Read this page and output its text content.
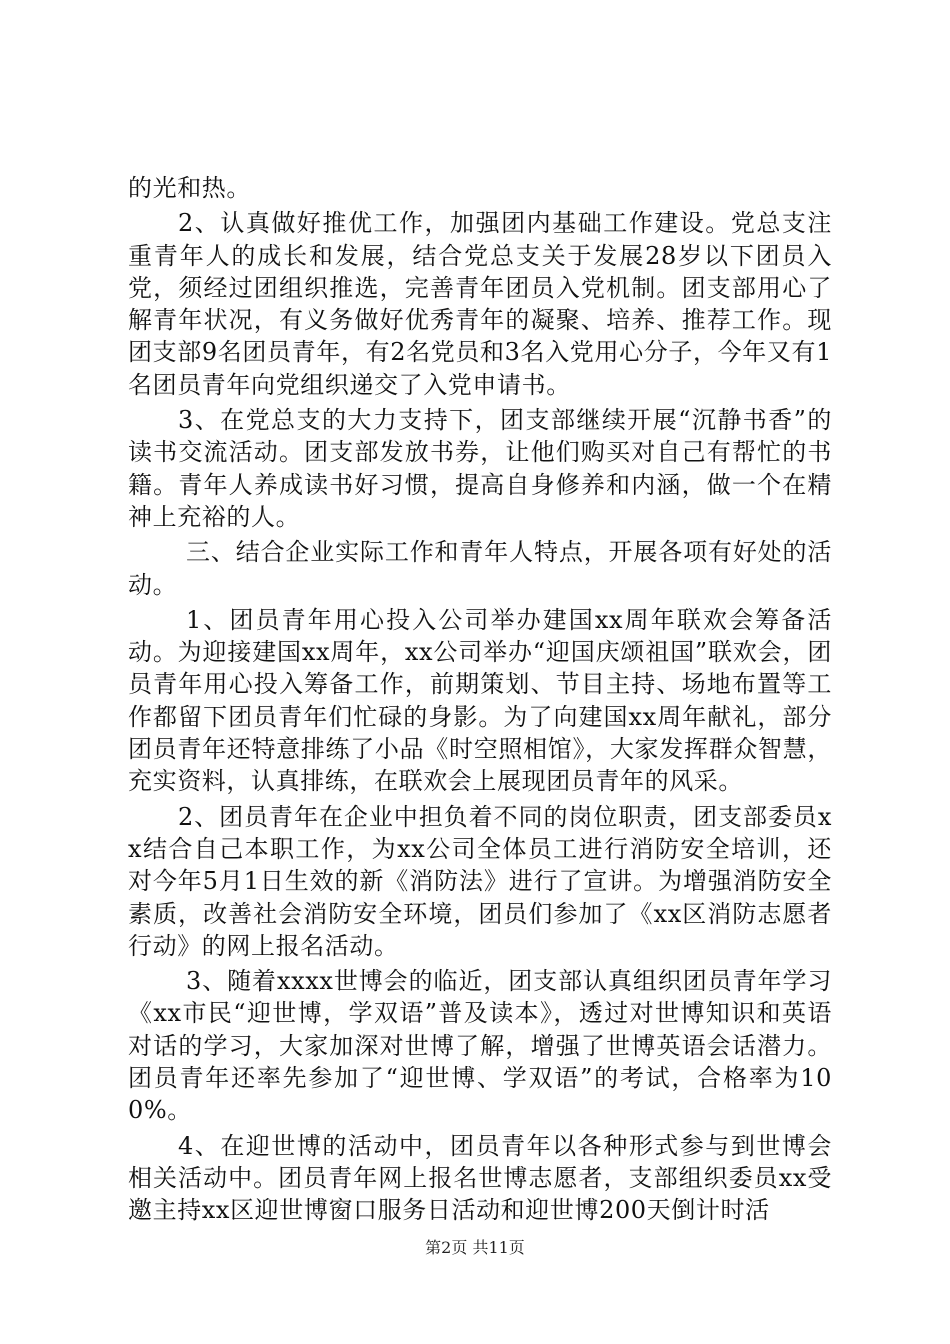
的光和热。

2、认真做好推优工作，加强团内基础工作建设。党总支注重青年人的成长和发展，结合党总支关于发展28岁以下团员入党，须经过团组织推选，完善青年团员入党机制。团支部用心了解青年状况，有义务做好优秀青年的凝聚、培养、推荐工作。现团支部9名团员青年，有2名党员和3名入党用心分子，今年又有1名团员青年向党组织递交了入党申请书。

3、在党总支的大力支持下，团支部继续开展“沉静书香”的读书交流活动。团支部发放书券，让他们购买对自己有帮忙的书籍。青年人养成读书好习惯，提高自身修养和内涵，做一个在精神上充裕的人。

三、结合企业实际工作和青年人特点，开展各项有好处的活动。

1、团员青年用心投入公司举办建国xx周年联欢会筹备活动。为迎接建国xx周年，xx公司举办“迎国庆颂祖国”联欢会，团员青年用心投入筹备工作，前期策划、节目主持、场地布置等工作都留下团员青年们忙碌的身影。为了向建国xx周年献礼，部分团员青年还特意排练了小品《时空照相馆》，大家发挥群众智慧，充实资料，认真排练，在联欢会上展现团员青年的风采。

2、团员青年在企业中担负着不同的岗位职责，团支部委员xx结合自己本职工作，为xx公司全体员工进行消防安全培训，还对今年5月1日生效的新《消防法》进行了宣讲。为增强消防安全素质，改善社会消防安全环境，团员们参加了《xx区消防志愿者行动》的网上报名活动。

3、随着xxxx世博会的临近，团支部认真组织团员青年学习《xx市民“迎世博，学双语”普及读本》，透过对世博知识和英语对话的学习，大家加深对世博了解，增强了世博英语会话潜力。团员青年还率先参加了“迎世博、学双语”的考试，合格率为100%。

4、在迎世博的活动中，团员青年以各种形式参与到世博会相关活动中。团员青年网上报名世博志愿者，支部组织委员xx受邀主持xx区迎世博窗口服务日活动和迎世博200天倒计时活

第2页 共11页
